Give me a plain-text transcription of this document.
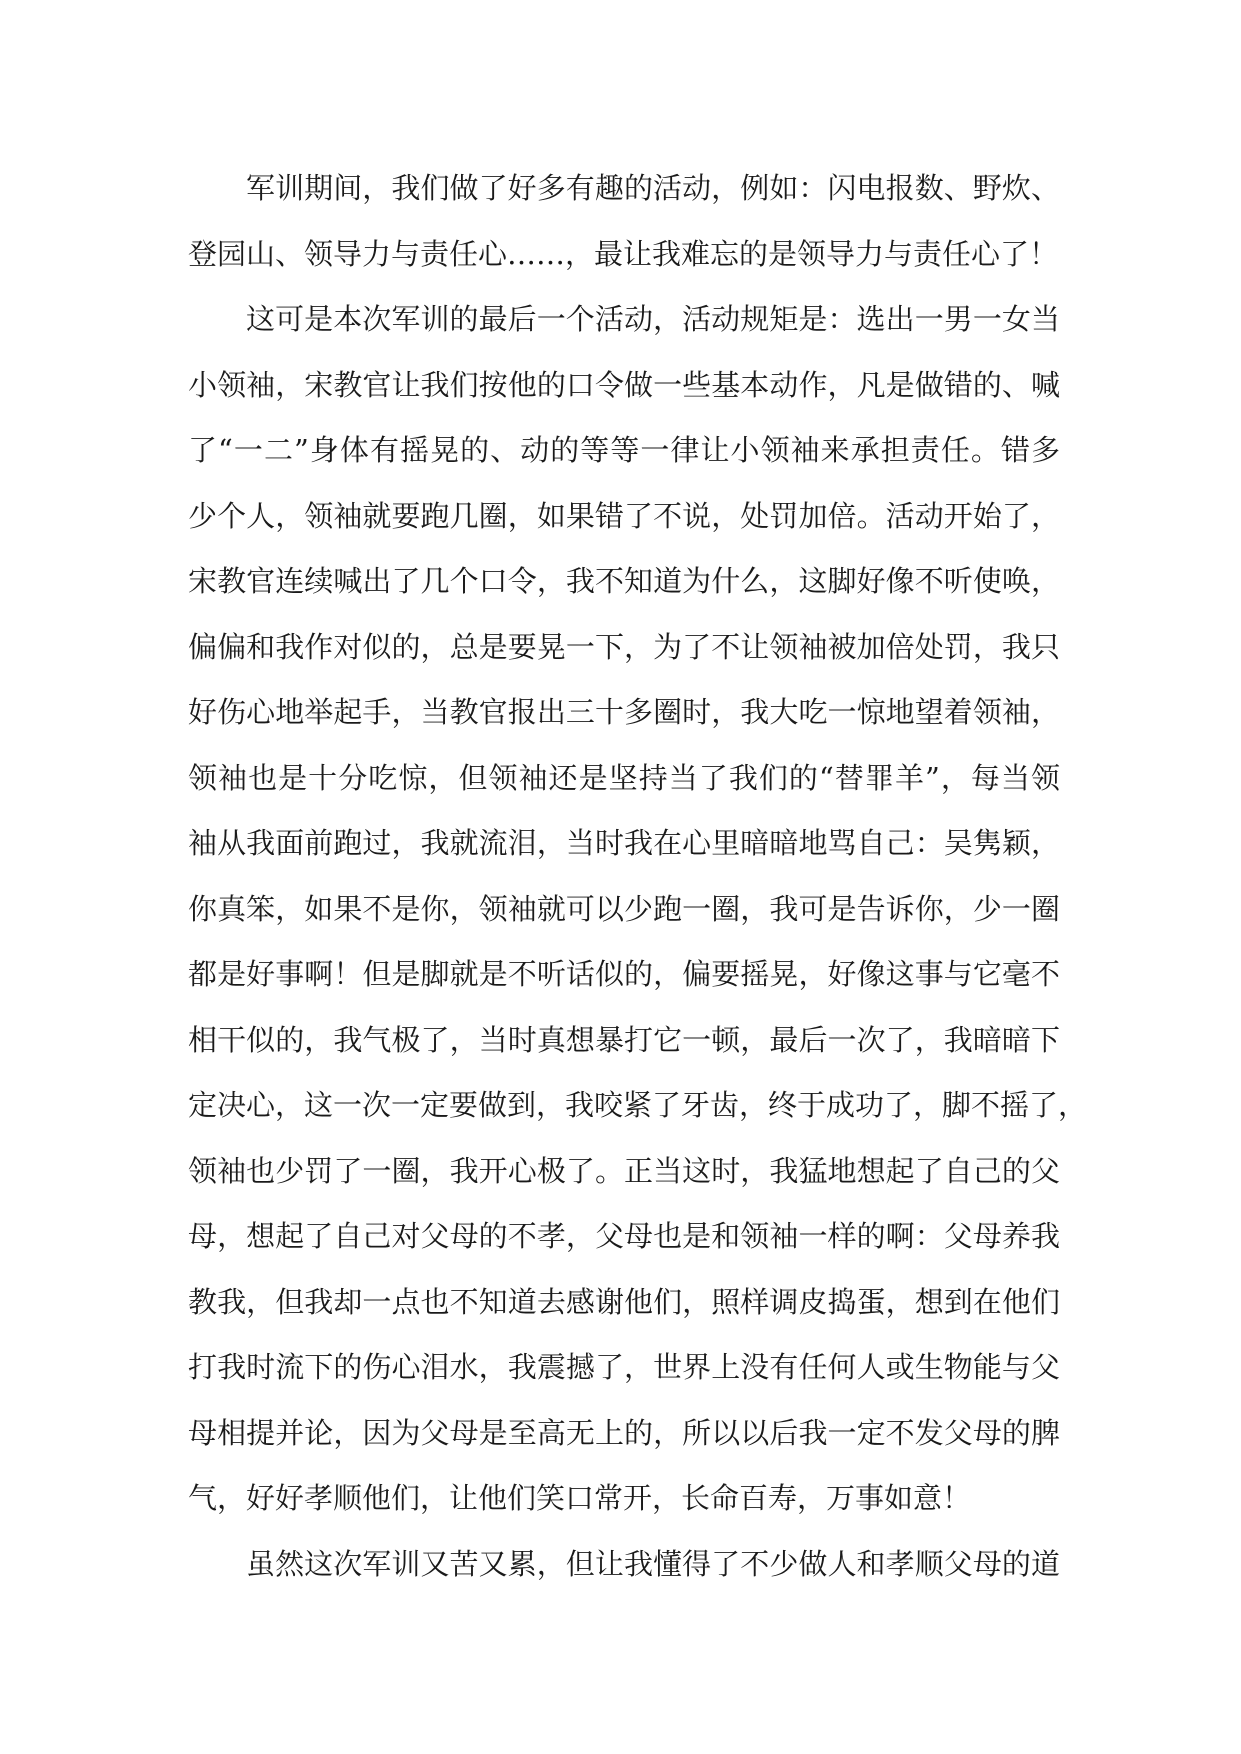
军训期间，我们做了好多有趣的活动，例如：闪电报数、野炊、
登园山、领导力与责任心……，最让我难忘的是领导力与责任心了！
这可是本次军训的最后一个活动，活动规矩是：选出一男一女当
小领袖，宋教官让我们按他的口令做一些基本动作，凡是做错的、喊
了“一二”身体有摇晃的、动的等等一律让小领袖来承担责任。错多
少个人，领袖就要跑几圈，如果错了不说，处罚加倍。活动开始了，
宋教官连续喊出了几个口令，我不知道为什么，这脚好像不听使唤，
偏偏和我作对似的，总是要晃一下，为了不让领袖被加倍处罚，我只
好伤心地举起手，当教官报出三十多圈时，我大吃一惊地望着领袖，
领袖也是十分吃惊，但领袖还是坚持当了我们的“替罪羊”，每当领
袖从我面前跑过，我就流泪，当时我在心里暗暗地骂自己：吴隽颖，
你真笨，如果不是你，领袖就可以少跑一圈，我可是告诉你，少一圈
都是好事啊！但是脚就是不听话似的，偏要摇晃，好像这事与它毫不
相干似的，我气极了，当时真想暴打它一顿，最后一次了，我暗暗下
定决心，这一次一定要做到，我咬紧了牙齿，终于成功了，脚不摇了，
领袖也少罚了一圈，我开心极了。正当这时，我猛地想起了自己的父
母，想起了自己对父母的不孝，父母也是和领袖一样的啊：父母养我
教我，但我却一点也不知道去感谢他们，照样调皮捣蛋，想到在他们
打我时流下的伤心泪水，我震撼了，世界上没有任何人或生物能与父
母相提并论，因为父母是至高无上的，所以以后我一定不发父母的脾
气，好好孝顺他们，让他们笑口常开，长命百寿，万事如意！
虽然这次军训又苦又累，但让我懂得了不少做人和孝顺父母的道
